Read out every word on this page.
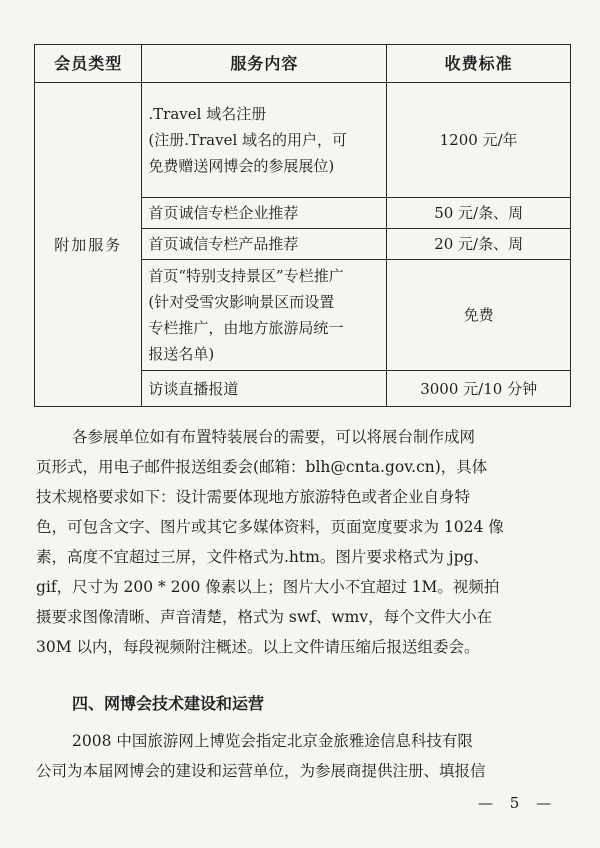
会员类型	服务内容	收费标准
附加服务	.Travel 域名注册
(注册.Travel 域名的用户，可
免费赠送网博会的参展展位)	1200 元/年

	首页诚信专栏企业推荐	50 元/条、周

	首页诚信专栏产品推荐	20 元/条、周

	首页“特别支持景区”专栏推广
(针对受雪灾影响景区而设置
专栏推广，由地方旅游局统一
报送名单)	免费

	访谈直播报道	3000 元/10 分钟
各参展单位如有布置特装展台的需要，可以将展台制作成网
页形式，用电子邮件报送组委会(邮箱：blh@cnta.gov.cn)，具体
技术规格要求如下：设计需要体现地方旅游特色或者企业自身特
色，可包含文字、图片或其它多媒体资料，页面宽度要求为 1024 像
素，高度不宜超过三屏，文件格式为.htm。图片要求格式为 jpg、
gif，尺寸为 200 * 200 像素以上；图片大小不宜超过 1M。视频拍
摄要求图像清晰、声音清楚，格式为 swf、wmv，每个文件大小在
30M 以内，每段视频附注概述。以上文件请压缩后报送组委会。
四、网博会技术建设和运营
2008 中国旅游网上博览会指定北京金旅雅途信息科技有限
公司为本届网博会的建设和运营单位，为参展商提供注册、填报信
— 5 —
